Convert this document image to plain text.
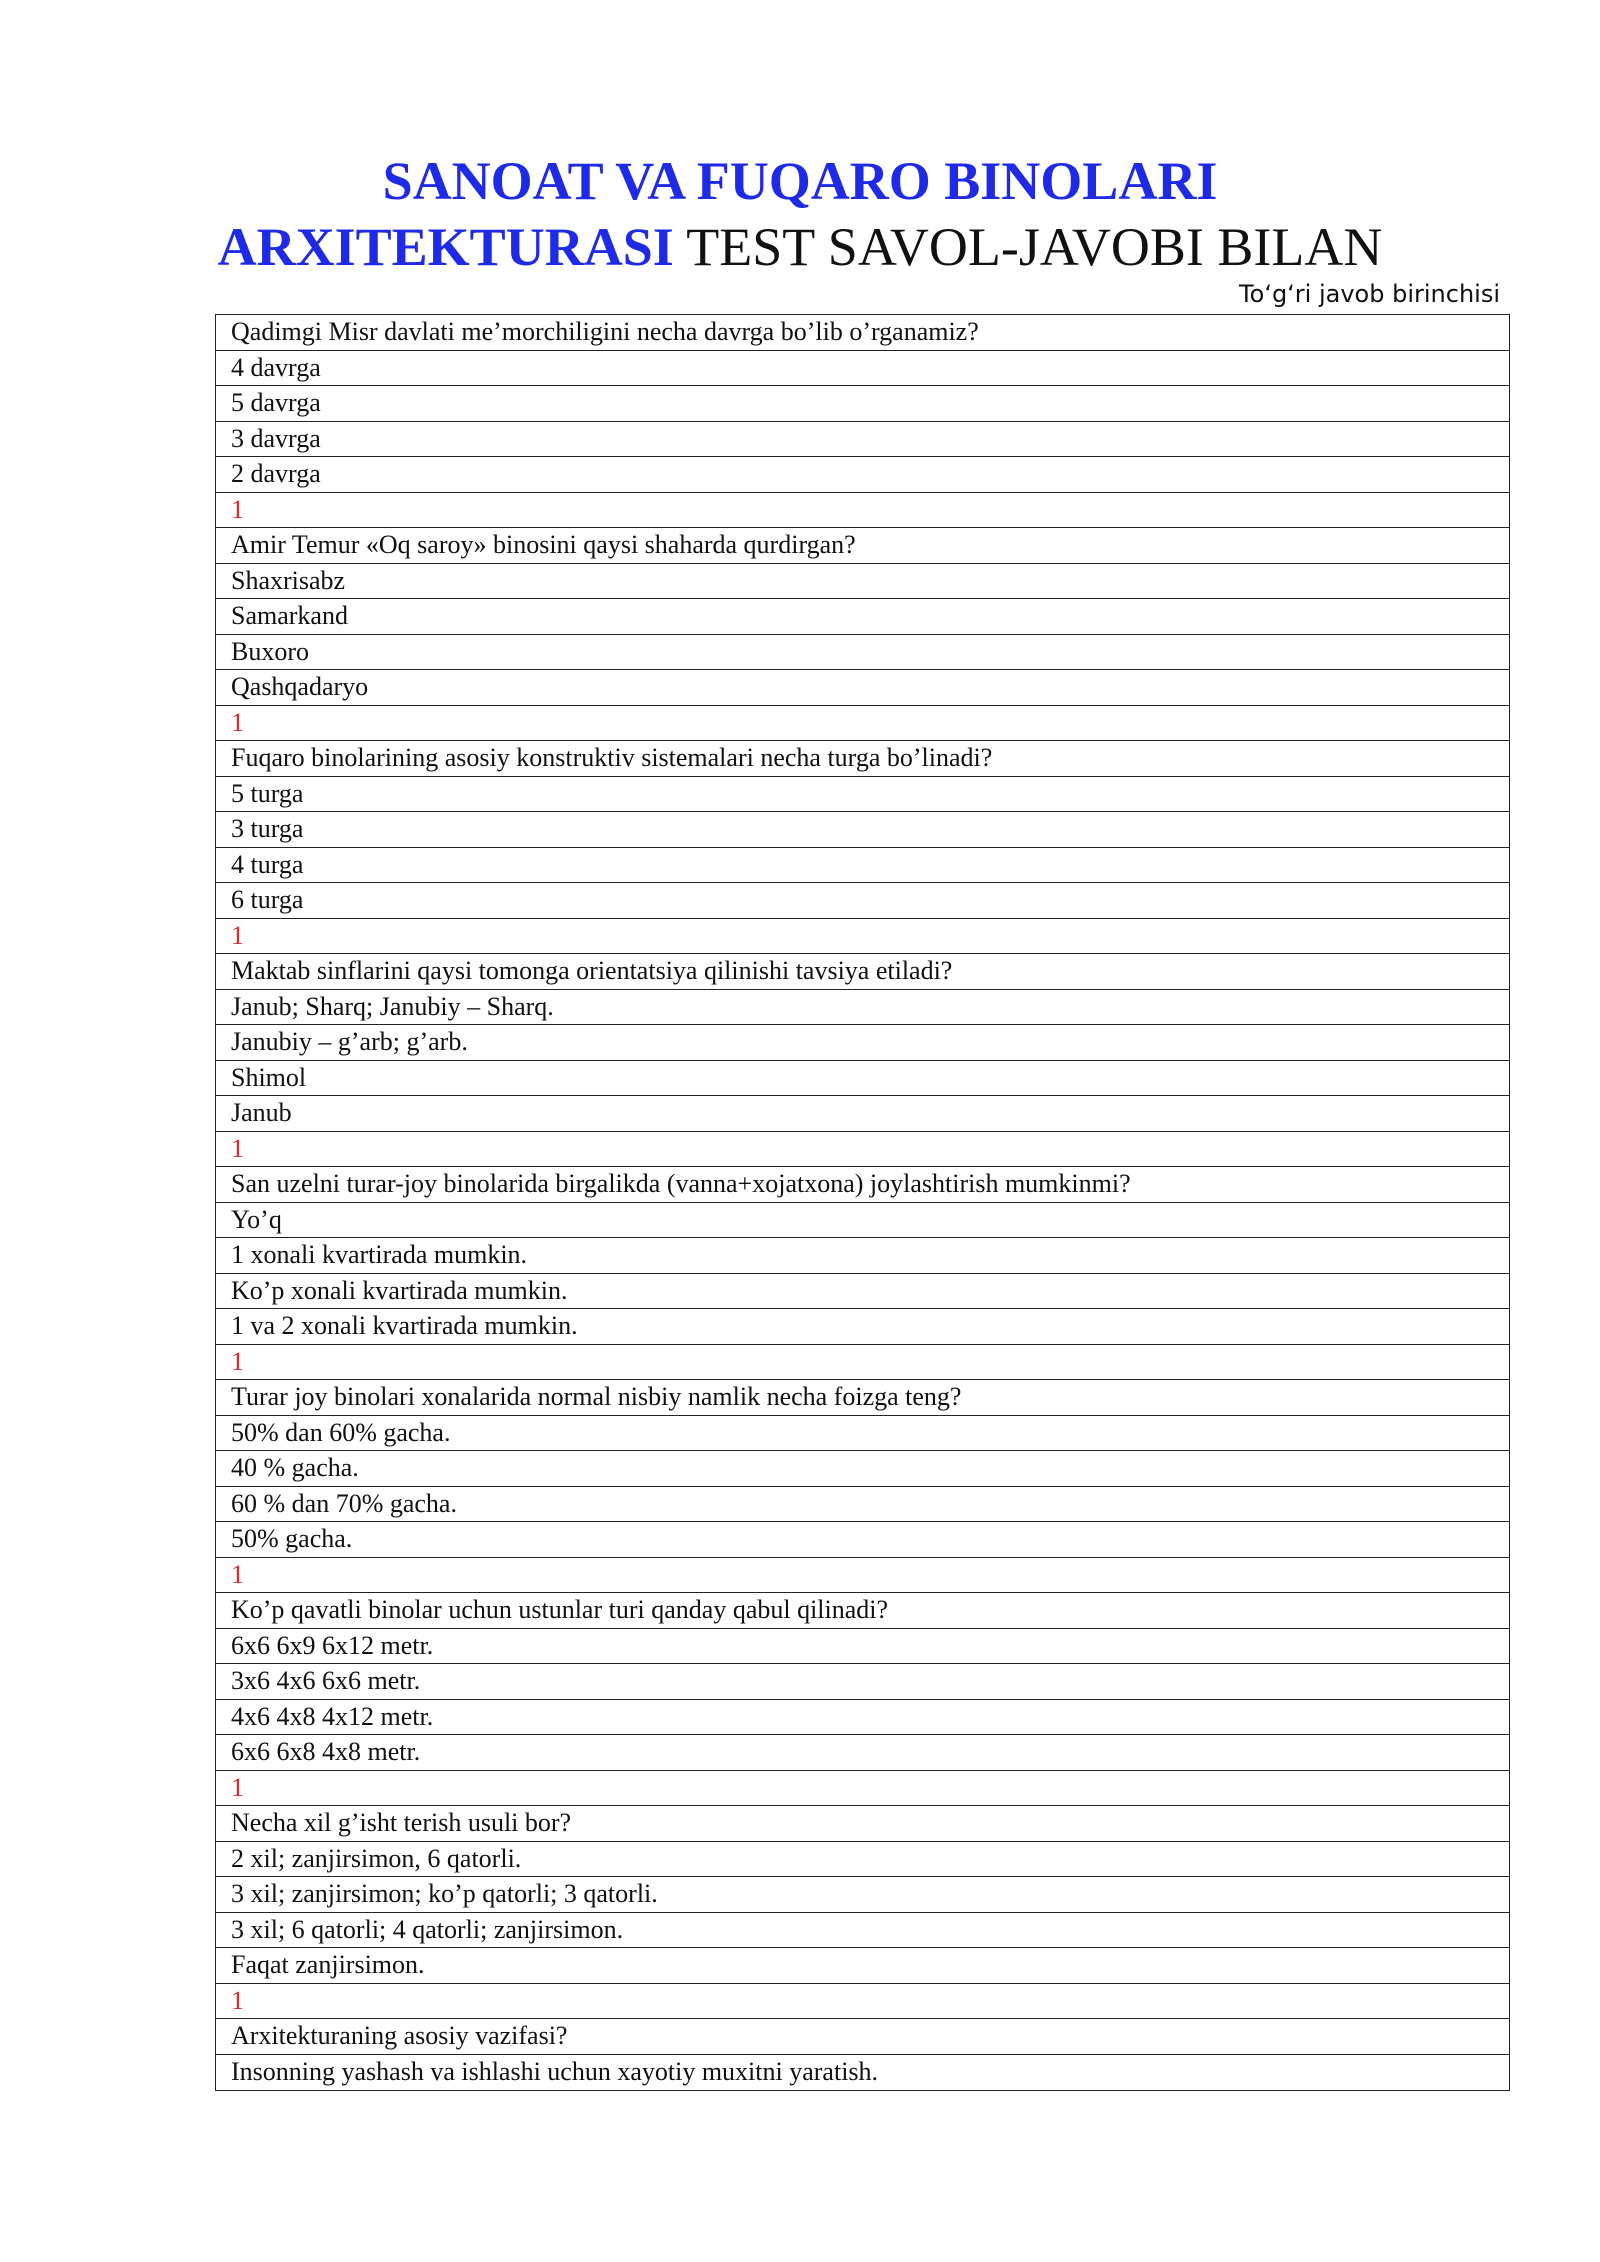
SANOAT VA FUQARO BINOLARI
ARXITEKTURASI TEST SAVOL-JAVOBI BILAN
To‘g‘ri javob birinchisi
Qadimgi Misr davlati me’morchiligini necha davrga bo’lib o’rganamiz?
4 davrga
5 davrga
3 davrga
2 davrga
1
Amir Temur «Oq saroy» binosini qaysi shaharda qurdirgan?
Shaxrisabz
Samarkand
Buxoro
Qashqadaryo
1
Fuqaro binolarining asosiy konstruktiv sistemalari necha turga bo’linadi?
5 turga
3 turga
4 turga
6 turga
1
Maktab sinflarini qaysi tomonga orientatsiya qilinishi tavsiya etiladi?
Janub; Sharq; Janubiy – Sharq.
Janubiy – g’arb; g’arb.
Shimol
Janub
1
San uzelni turar-joy binolarida birgalikda (vanna+xojatxona) joylashtirish mumkinmi?
Yo’q
1 xonali kvartirada mumkin.
Ko’p xonali kvartirada mumkin.
1 va 2 xonali kvartirada mumkin.
1
Turar joy binolari xonalarida normal nisbiy namlik necha foizga teng?
50% dan 60% gacha.
40 % gacha.
60 % dan 70% gacha.
50% gacha.
1
Ko’p qavatli binolar uchun ustunlar turi qanday qabul qilinadi?
6x6 6x9 6x12 metr.
3x6 4x6 6x6 metr.
4x6 4x8 4x12 metr.
6x6 6x8 4x8 metr.
1
Necha xil g’isht terish usuli bor?
2 xil; zanjirsimon, 6 qatorli.
3 xil; zanjirsimon; ko’p qatorli; 3 qatorli.
3 xil; 6 qatorli; 4 qatorli; zanjirsimon.
Faqat zanjirsimon.
1
Arxitekturaning asosiy vazifasi?
Insonning yashash va ishlashi uchun xayotiy muxitni yaratish.
